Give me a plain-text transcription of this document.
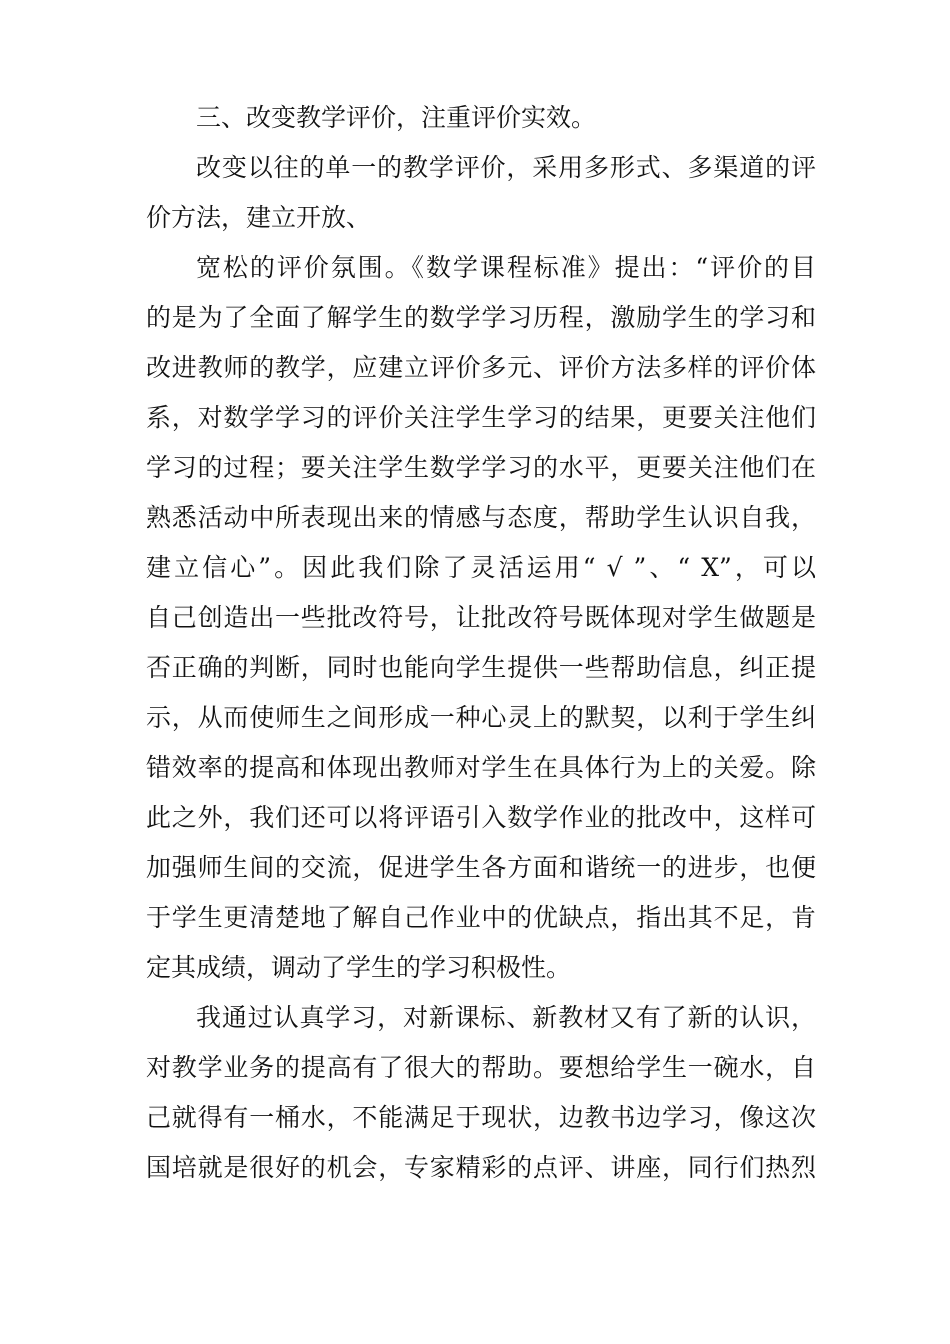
三、改变教学评价，注重评价实效。
改变以往的单一的教学评价，采用多形式、多渠道的评
价方法，建立开放、
宽松的评价氛围。《数学课程标准》提出：“评价的目
的是为了全面了解学生的数学学习历程，激励学生的学习和
改进教师的教学，应建立评价多元、评价方法多样的评价体
系，对数学学习的评价关注学生学习的结果，更要关注他们
学习的过程；要关注学生数学学习的水平，更要关注他们在
熟悉活动中所表现出来的情感与态度，帮助学生认识自我，
建立信心”。因此我们除了灵活运用“ √ ”、“ X”，可以
自己创造出一些批改符号，让批改符号既体现对学生做题是
否正确的判断，同时也能向学生提供一些帮助信息，纠正提
示，从而使师生之间形成一种心灵上的默契，以利于学生纠
错效率的提高和体现出教师对学生在具体行为上的关爱。除
此之外，我们还可以将评语引入数学作业的批改中，这样可
加强师生间的交流，促进学生各方面和谐统一的进步，也便
于学生更清楚地了解自己作业中的优缺点，指出其不足，肯
定其成绩，调动了学生的学习积极性。
我通过认真学习，对新课标、新教材又有了新的认识，
对教学业务的提高有了很大的帮助。要想给学生一碗水，自
己就得有一桶水，不能满足于现状，边教书边学习，像这次
国培就是很好的机会，专家精彩的点评、讲座，同行们热烈
